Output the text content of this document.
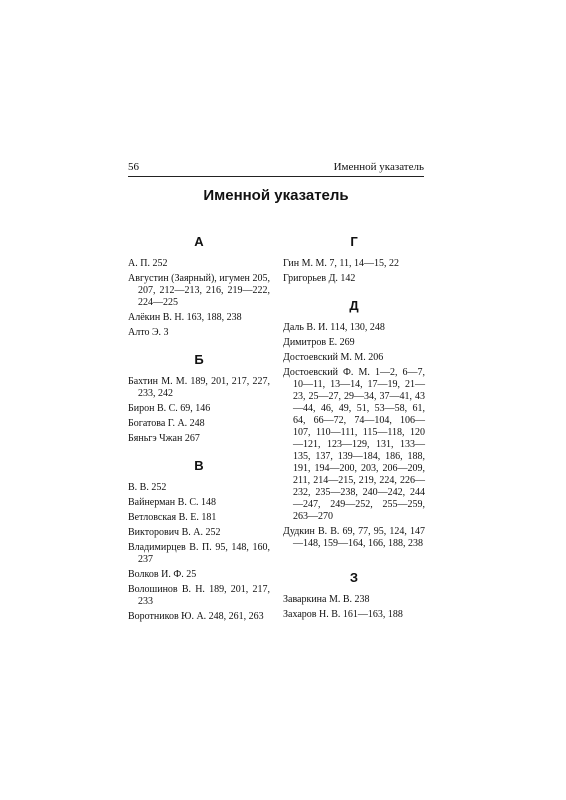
56	Именной указатель
Именной указатель
А
А. П. 252
Августин (Заярный), игумен 205, 207, 212—213, 216, 219—222, 224—225
Алёкин В. Н. 163, 188, 238
Алто Э. 3
Б
Бахтин М. М. 189, 201, 217, 227, 233, 242
Бирон В. С. 69, 146
Богатова Г. А. 248
Бяньгэ Чжан 267
В
В. В. 252
Вайнерман В. С. 148
Ветловская В. Е. 181
Викторович В. А. 252
Владимирцев В. П. 95, 148, 160, 237
Волков И. Ф. 25
Волошинов В. Н. 189, 201, 217, 233
Воротников Ю. А. 248, 261, 263
Г
Гин М. М. 7, 11, 14—15, 22
Григорьев Д. 142
Д
Даль В. И. 114, 130, 248
Димитров Е. 269
Достоевский М. М. 206
Достоевский Ф. М. 1—2, 6—7, 10—11, 13—14, 17—19, 21—23, 25—27, 29—34, 37—41, 43—44, 46, 49, 51, 53—58, 61, 64, 66—72, 74—104, 106—107, 110—111, 115—118, 120—121, 123—129, 131, 133—135, 137, 139—184, 186, 188, 191, 194—200, 203, 206—209, 211, 214—215, 219, 224, 226—232, 235—238, 240—242, 244—247, 249—252, 255—259, 263—270
Дудкин В. В. 69, 77, 95, 124, 147—148, 159—164, 166, 188, 238
З
Заваркина М. В. 238
Захаров Н. В. 161—163, 188
